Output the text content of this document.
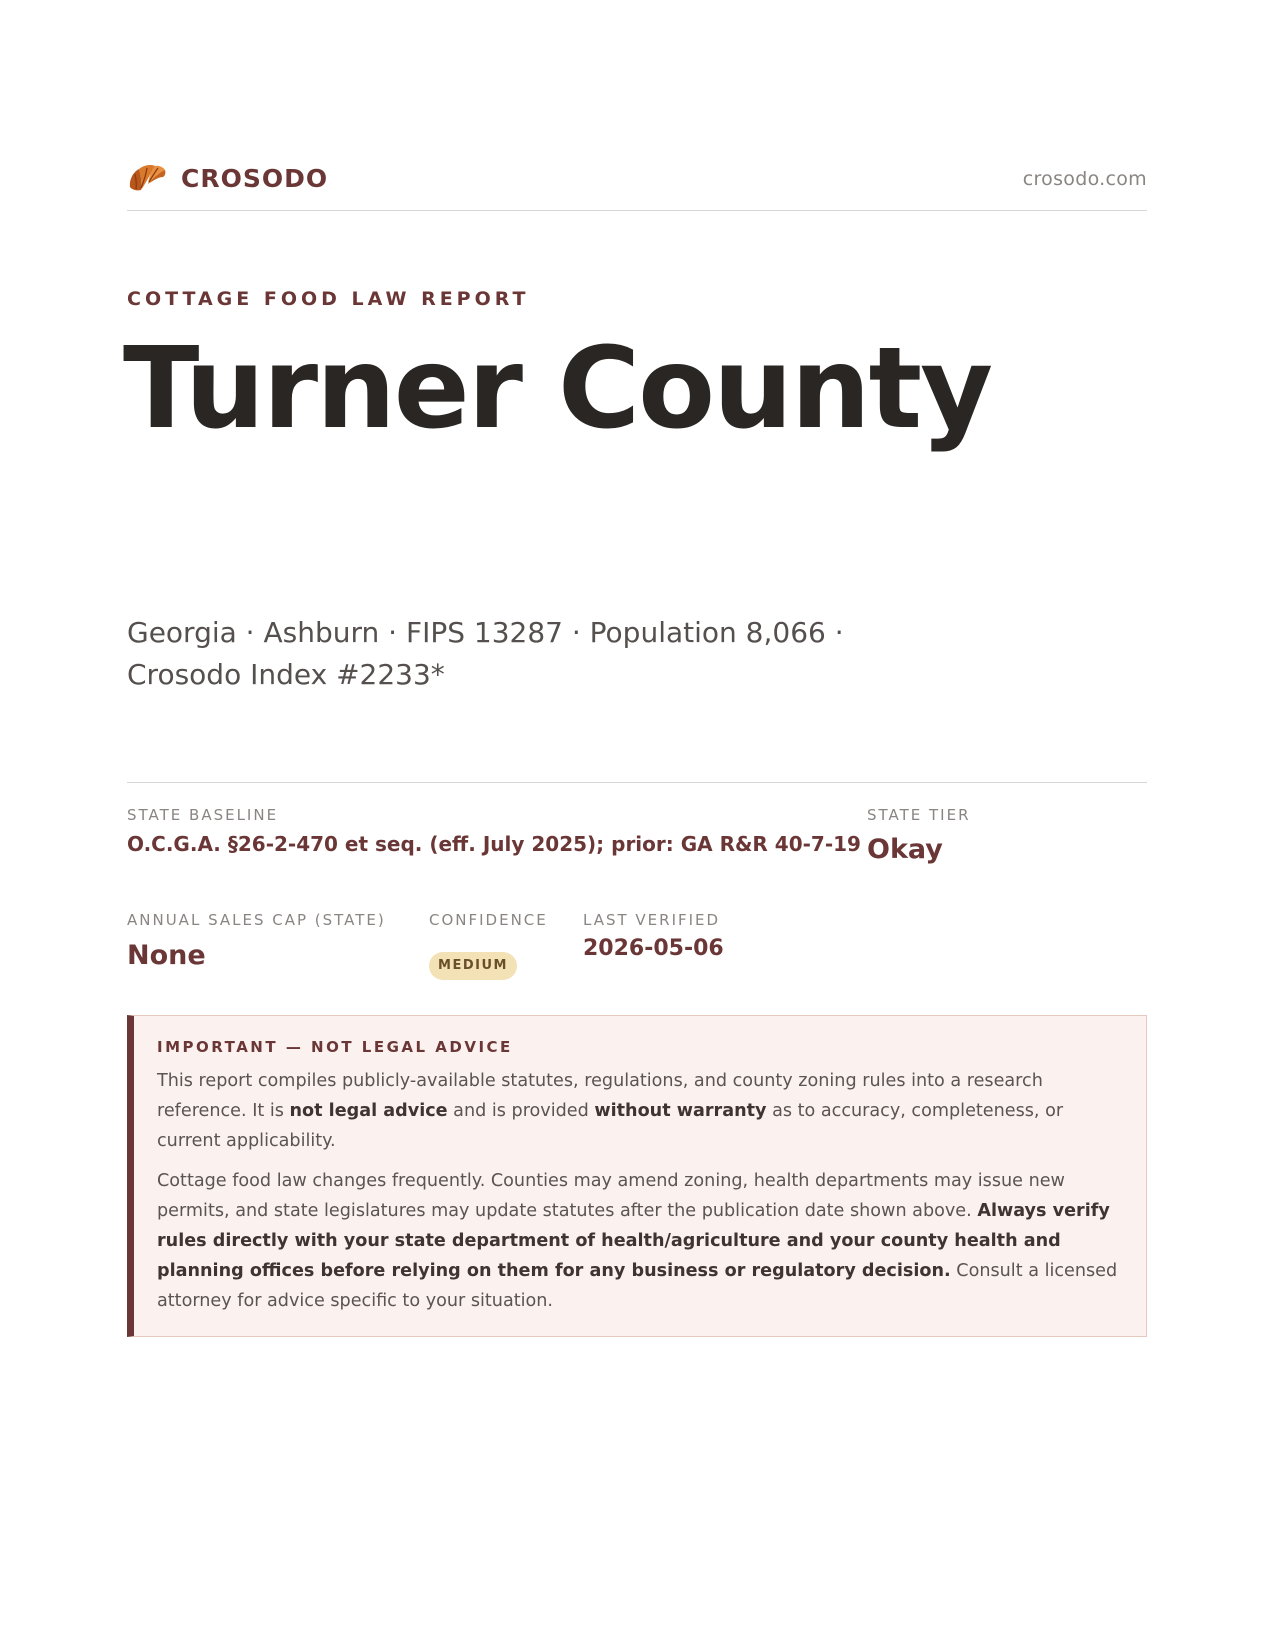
CROSODO	crosodo.com
COTTAGE FOOD LAW REPORT
Turner County
Georgia · Ashburn · FIPS 13287 · Population 8,066 · Crosodo Index #2233*
STATE BASELINE
O.C.G.A. §26-2-470 et seq. (eff. July 2025); prior: GA R&R 40-7-19
STATE TIER
Okay
ANNUAL SALES CAP (STATE)
None
CONFIDENCE
MEDIUM
LAST VERIFIED
2026-05-06
IMPORTANT — NOT LEGAL ADVICE

This report compiles publicly-available statutes, regulations, and county zoning rules into a research reference. It is not legal advice and is provided without warranty as to accuracy, completeness, or current applicability.

Cottage food law changes frequently. Counties may amend zoning, health departments may issue new permits, and state legislatures may update statutes after the publication date shown above. Always verify rules directly with your state department of health/agriculture and your county health and planning offices before relying on them for any business or regulatory decision. Consult a licensed attorney for advice specific to your situation.
